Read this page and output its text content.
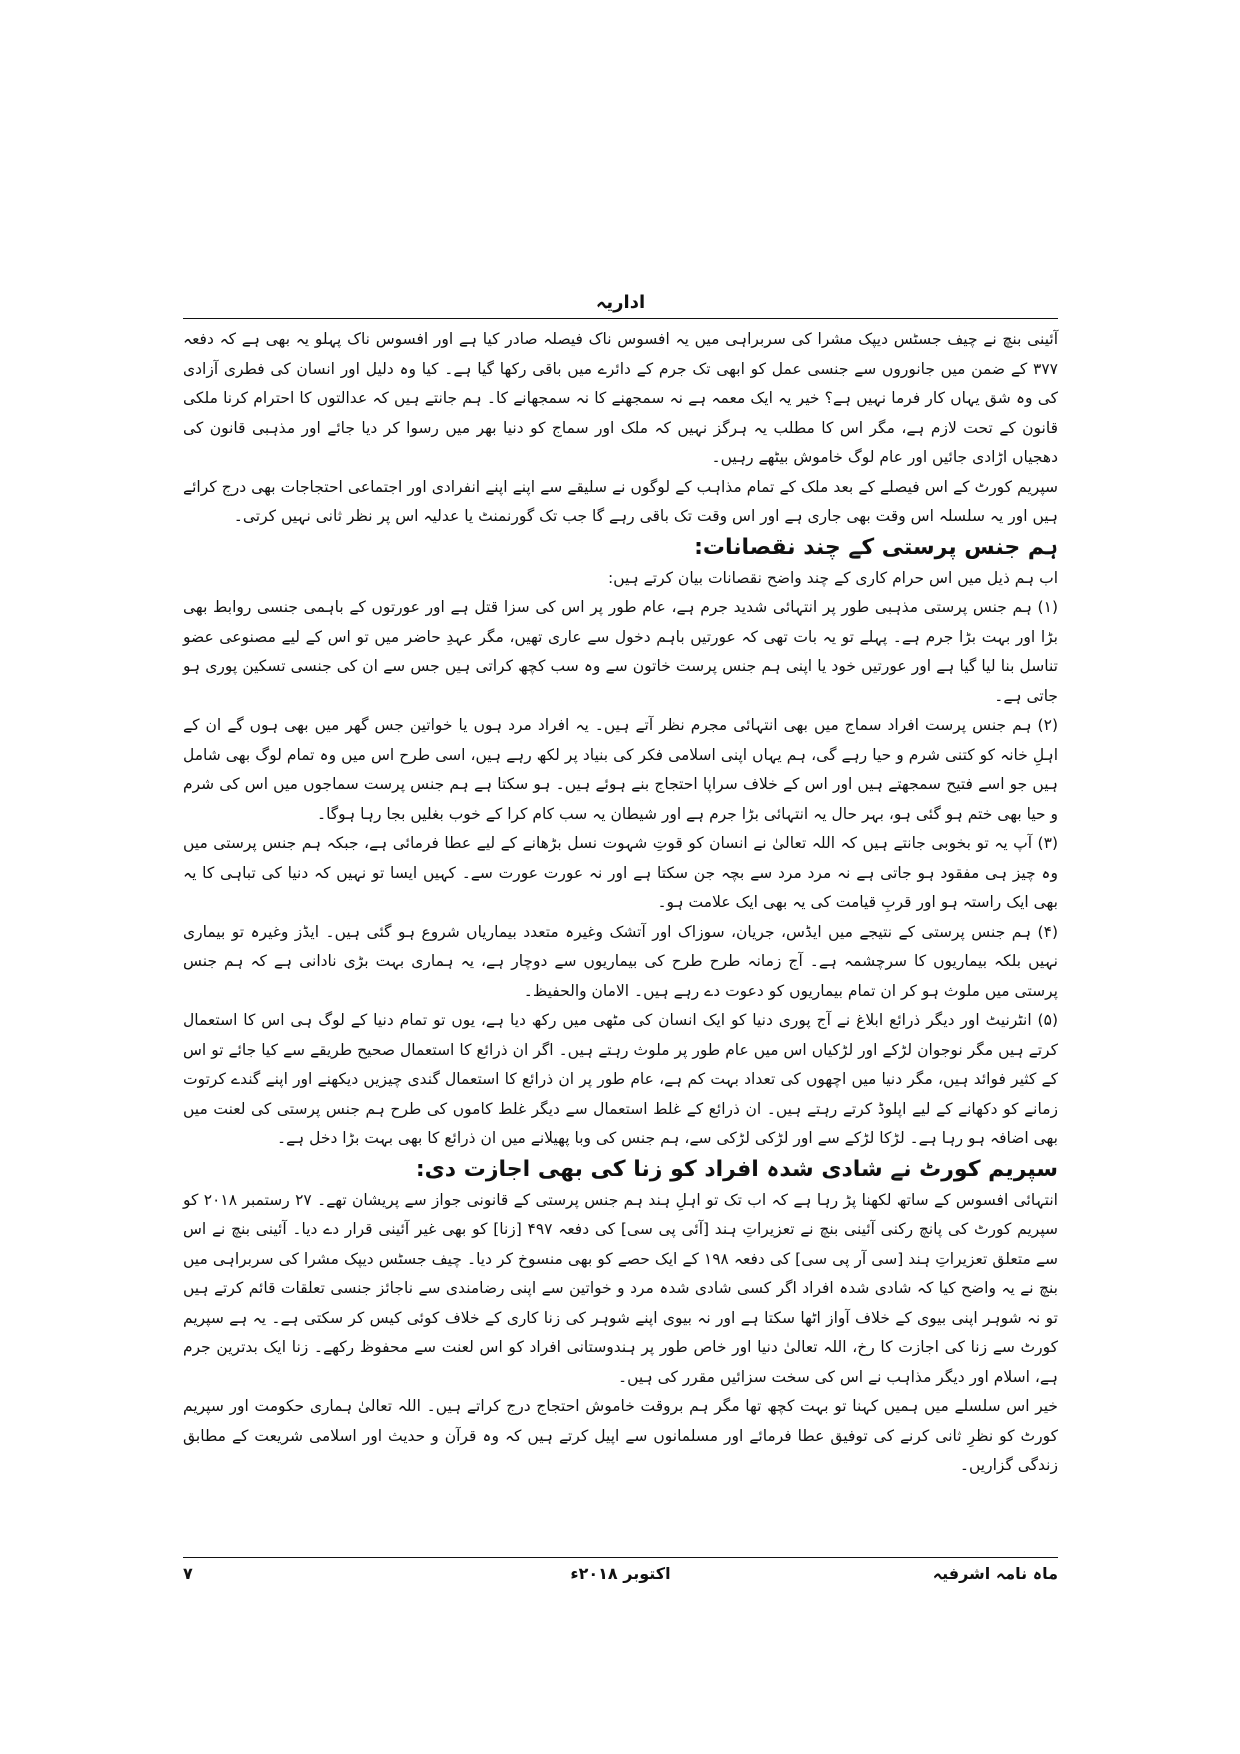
اداریہ

آئینی بنچ نے چیف جسٹس دیپک مشرا کی سربراہی میں یہ افسوس ناک فیصلہ صادر کیا ہے اور افسوس ناک پہلو یہ بھی ہے کہ دفعہ ۳۷۷ کے ضمن میں جانوروں سے جنسی عمل کو ابھی تک جرم کے دائرے میں باقی رکھا گیا ہے۔ کیا وہ دلیل اور انسان کی فطری آزادی کی وہ شق یہاں کار فرما نہیں ہے؟ خیر یہ ایک معمہ ہے نہ سمجھنے کا نہ سمجھانے کا۔ ہم جانتے ہیں کہ عدالتوں کا احترام کرنا ملکی قانون کے تحت لازم ہے، مگر اس کا مطلب یہ ہرگز نہیں کہ ملک اور سماج کو دنیا بھر میں رسوا کر دیا جائے اور مذہبی قانون کی دھجیاں اڑادی جائیں اور عام لوگ خاموش بیٹھے رہیں۔

سپریم کورٹ کے اس فیصلے کے بعد ملک کے تمام مذاہب کے لوگوں نے سلیقے سے اپنے اپنے انفرادی اور اجتماعی احتجاجات بھی درج کرائے ہیں اور یہ سلسلہ اس وقت بھی جاری ہے اور اس وقت تک باقی رہے گا جب تک گورنمنٹ یا عدلیہ اس پر نظر ثانی نہیں کرتی۔

ہم جنس پرستی کے چند نقصانات:

اب ہم ذیل میں اس حرام کاری کے چند واضح نقصانات بیان کرتے ہیں:

(۱) ہم جنس پرستی مذہبی طور پر انتہائی شدید جرم ہے، عام طور پر اس کی سزا قتل ہے اور عورتوں کے باہمی جنسی روابط بھی بڑا اور بہت بڑا جرم ہے۔ پہلے تو یہ بات تھی کہ عورتیں باہم دخول سے عاری تھیں، مگر عہدِ حاضر میں تو اس کے لیے مصنوعی عضو تناسل بنا لیا گیا ہے اور عورتیں خود یا اپنی ہم جنس پرست خاتون سے وہ سب کچھ کراتی ہیں جس سے ان کی جنسی تسکین پوری ہو جاتی ہے۔

(۲) ہم جنس پرست افراد سماج میں بھی انتہائی مجرم نظر آتے ہیں۔ یہ افراد مرد ہوں یا خواتین جس گھر میں بھی ہوں گے ان کے اہلِ خانہ کو کتنی شرم و حیا رہے گی، ہم یہاں اپنی اسلامی فکر کی بنیاد پر لکھ رہے ہیں، اسی طرح اس میں وہ تمام لوگ بھی شامل ہیں جو اسے فتیح سمجھتے ہیں اور اس کے خلاف سراپا احتجاج بنے ہوئے ہیں۔ ہو سکتا ہے ہم جنس پرست سماجوں میں اس کی شرم و حیا بھی ختم ہو گئی ہو، بہر حال یہ انتہائی بڑا جرم ہے اور شیطان یہ سب کام کرا کے خوب بغلیں بجا رہا ہوگا۔

(۳) آپ یہ تو بخوبی جانتے ہیں کہ اللہ تعالیٰ نے انسان کو قوتِ شہوت نسل بڑھانے کے لیے عطا فرمائی ہے، جبکہ ہم جنس پرستی میں وہ چیز ہی مفقود ہو جاتی ہے نہ مرد مرد سے بچہ جن سکتا ہے اور نہ عورت عورت سے۔ کہیں ایسا تو نہیں کہ دنیا کی تباہی کا یہ بھی ایک راستہ ہو اور قربِ قیامت کی یہ بھی ایک علامت ہو۔

(۴) ہم جنس پرستی کے نتیجے میں ایڈس، جریان، سوزاک اور آتشک وغیرہ متعدد بیماریاں شروع ہو گئی ہیں۔ ایڈز وغیرہ تو بیماری نہیں بلکہ بیماریوں کا سرچشمہ ہے۔ آج زمانہ طرح طرح کی بیماریوں سے دوچار ہے، یہ ہماری بہت بڑی نادانی ہے کہ ہم جنس پرستی میں ملوث ہو کر ان تمام بیماریوں کو دعوت دے رہے ہیں۔ الامان والحفیظ۔

(۵) انٹرنیٹ اور دیگر ذرائع ابلاغ نے آج پوری دنیا کو ایک انسان کی مٹھی میں رکھ دیا ہے، یوں تو تمام دنیا کے لوگ ہی اس کا استعمال کرتے ہیں مگر نوجوان لڑکے اور لڑکیاں اس میں عام طور پر ملوث رہتے ہیں۔ اگر ان ذرائع کا استعمال صحیح طریقے سے کیا جائے تو اس کے کثیر فوائد ہیں، مگر دنیا میں اچھوں کی تعداد بہت کم ہے، عام طور پر ان ذرائع کا استعمال گندی چیزیں دیکھنے اور اپنے گندے کرتوت زمانے کو دکھانے کے لیے اپلوڈ کرتے رہتے ہیں۔ ان ذرائع کے غلط استعمال سے دیگر غلط کاموں کی طرح ہم جنس پرستی کی لعنت میں بھی اضافہ ہو رہا ہے۔ لڑکا لڑکے سے اور لڑکی لڑکی سے، ہم جنس کی وبا پھیلانے میں ان ذرائع کا بھی بہت بڑا دخل ہے۔

سپریم کورٹ نے شادی شدہ افراد کو زنا کی بھی اجازت دی:

انتہائی افسوس کے ساتھ لکھنا پڑ رہا ہے کہ اب تک تو اہلِ ہند ہم جنس پرستی کے قانونی جواز سے پریشان تھے۔ ۲۷ رستمبر ۲۰۱۸ کو سپریم کورٹ کی پانچ رکنی آئینی بنچ نے تعزیراتِ ہند [آئی پی سی] کی دفعہ ۴۹۷ [زنا] کو بھی غیر آئینی قرار دے دیا۔ آئینی بنچ نے اس سے متعلق تعزیراتِ ہند [سی آر پی سی] کی دفعہ ۱۹۸ کے ایک حصے کو بھی منسوخ کر دیا۔ چیف جسٹس دیپک مشرا کی سربراہی میں بنچ نے یہ واضح کیا کہ شادی شدہ افراد اگر کسی شادی شدہ مرد و خواتین سے اپنی رضامندی سے ناجائز جنسی تعلقات قائم کرتے ہیں تو نہ شوہر اپنی بیوی کے خلاف آواز اٹھا سکتا ہے اور نہ بیوی اپنے شوہر کی زنا کاری کے خلاف کوئی کیس کر سکتی ہے۔ یہ ہے سپریم کورٹ سے زنا کی اجازت کا رخ، اللہ تعالیٰ دنیا اور خاص طور پر ہندوستانی افراد کو اس لعنت سے محفوظ رکھے۔ زنا ایک بدترین جرم ہے، اسلام اور دیگر مذاہب نے اس کی سخت سزائیں مقرر کی ہیں۔

خیر اس سلسلے میں ہمیں کہنا تو بہت کچھ تھا مگر ہم بروقت خاموش احتجاج درج کراتے ہیں۔ اللہ تعالیٰ ہماری حکومت اور سپریم کورٹ کو نظرِ ثانی کرنے کی توفیق عطا فرمائے اور مسلمانوں سے اپیل کرتے ہیں کہ وہ قرآن و حدیث اور اسلامی شریعت کے مطابق زندگی گزاریں۔

ماہ نامہ اشرفیہ
اکتوبر ۲۰۱۸ء
۷
